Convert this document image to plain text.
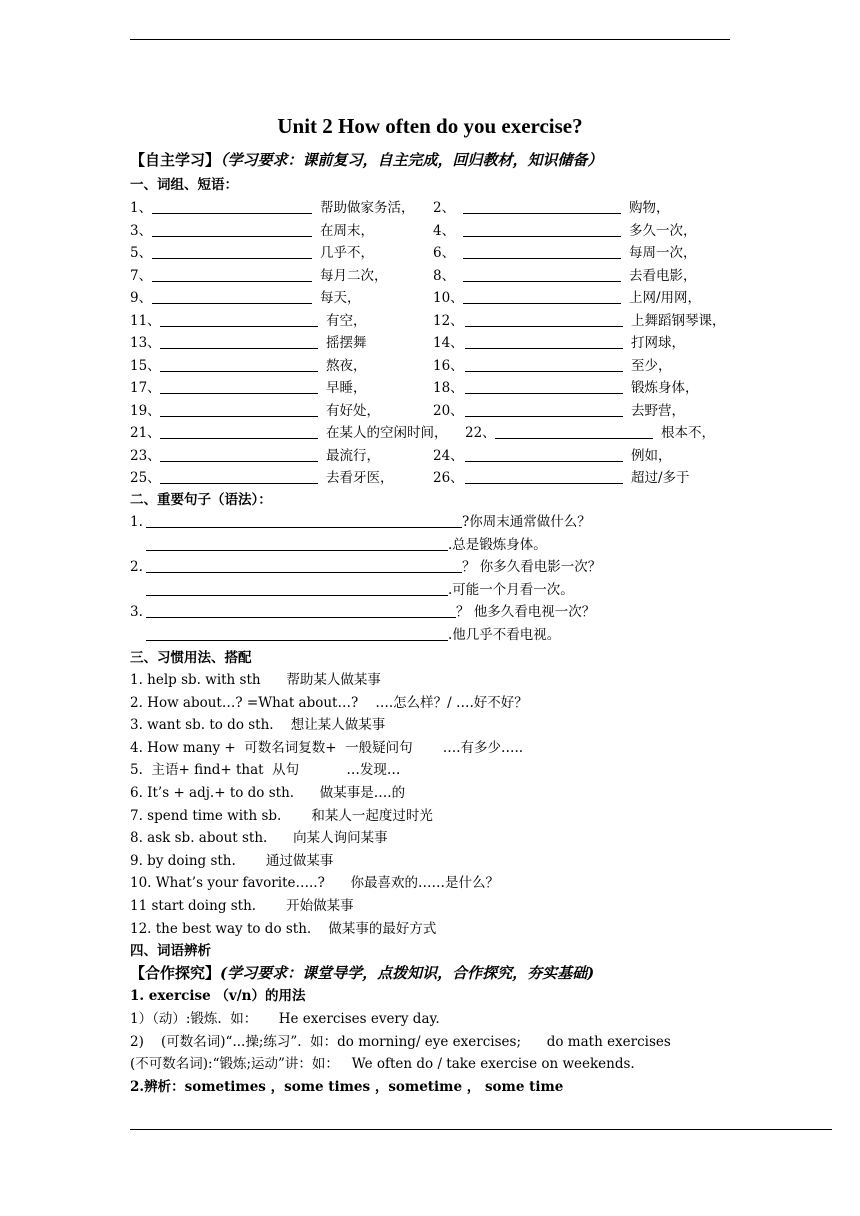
Unit 2 How often do you exercise?
【自主学习】（学习要求：课前复习，自主完成，回归教材，知识储备）
一、词组、短语：
1、	帮助做家务活， 2、	购物，
3、	在周末，	4、	多久一次，
5、	几乎不，	6、	每周一次，
7、	每月二次，	8、	去看电影，
9、	每天，	10、	上网/用网，
11、	有空，	12、	上舞蹈钢琴课，
13、	摇摆舞	14、	打网球，
15、	熬夜，	16、	至少，
17、	早睡，	18、	锻炼身体，
19、	有好处，	20、	去野营，
21、	在某人的空闲时间， 22、	根本不，
23、	最流行，	24、	例如，
25、	去看牙医，	26、	超过/多于
二、重要句子（语法）：
1.	?你周末通常做什么？
.总是锻炼身体。
2.	？ 你多久看电影一次？
.可能一个月看一次。
3.	？ 他多久看电视一次？
.他几乎不看电视。
三、习惯用法、搭配
1. help sb. with sth      帮助某人做某事
2. How about…? =What about…?    ….怎么样？/ ….好不好？
3. want sb. to do sth.    想让某人做某事
4. How many +  可数名词复数+  一般疑问句       ….有多少…..
5.  主语+ find+ that  从句           …发现…
6. It’s + adj.+ to do sth.      做某事是….的
7. spend time with sb.       和某人一起度过时光
8. ask sb. about sth.      向某人询问某事
9. by doing sth.       通过做某事
10. What’s your favorite…..?      你最喜欢的……是什么？
11 start doing sth.       开始做某事
12. the best way to do sth.    做某事的最好方式
四、词语辨析
【合作探究】(学习要求：课堂导学，点拨知识，合作探究，夯实基础)
1. exercise （v/n）的用法
1）（动）:锻炼.  如：     He exercises every day.
2)    (可数名词)“...操;练习”.  如：do morning/ eye exercises;      do math exercises
(不可数名词):“锻炼;运动”讲：如：   We often do / take exercise on weekends.
2.辨析：sometimes ，some times ，sometime ， some time
